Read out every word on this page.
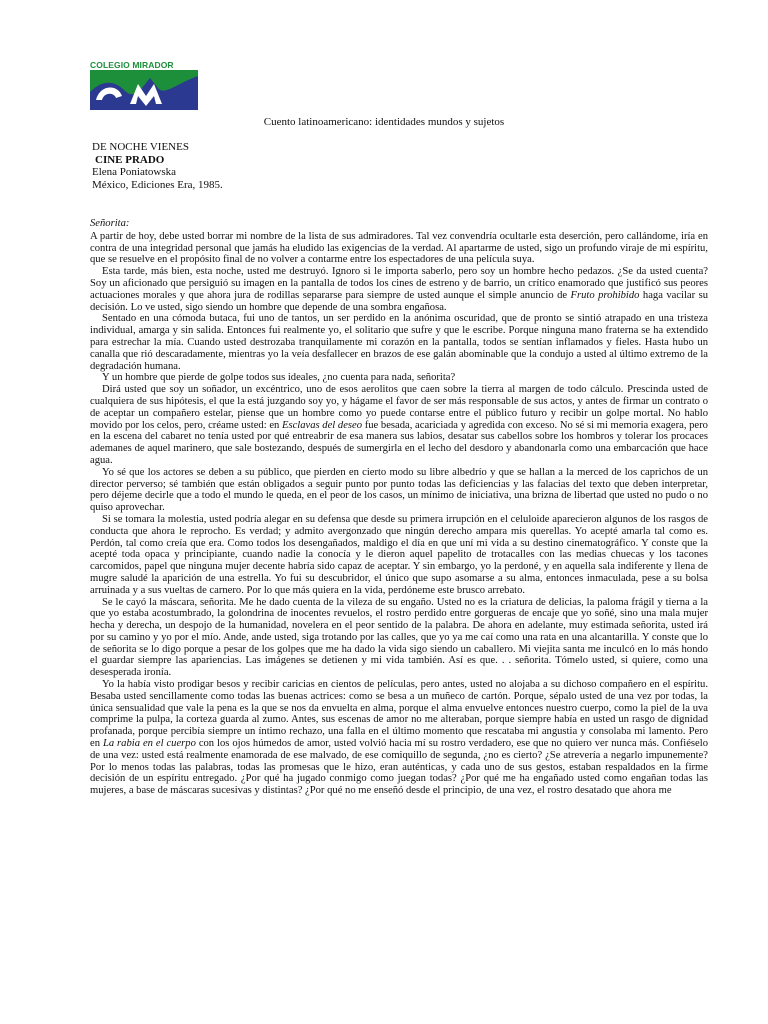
COLEGIO MIRADOR
Cuento latinoamericano: identidades mundos y sujetos
DE NOCHE VIENES
CINE PRADO
Elena Poniatowska
México, Ediciones Era, 1985.

Señorita:

A partir de hoy, debe usted borrar mi nombre de la lista de sus admiradores. Tal vez convendría ocultarle esta deserción, pero callándome, iría en contra de una integridad personal que jamás ha eludido las exigencias de la verdad. Al apartarme de usted, sigo un profundo viraje de mi espíritu, que se resuelve en el propósito final de no volver a contarme entre los espectadores de una película suya.

Esta tarde, más bien, esta noche, usted me destruyó. Ignoro si le importa saberlo, pero soy un hombre hecho pedazos. ¿Se da usted cuenta? Soy un aficionado que persiguió su imagen en la pantalla de todos los cines de estreno y de barrio, un crítico enamorado que justificó sus peores actuaciones morales y que ahora jura de rodillas separarse para siempre de usted aunque el simple anuncio de Fruto prohibido haga vacilar su decisión. Lo ve usted, sigo siendo un hombre que depende de una sombra engañosa.

Sentado en una cómoda butaca, fui uno de tantos, un ser perdido en la anónima oscuridad, que de pronto se sintió atrapado en una tristeza individual, amarga y sin salida. Entonces fui realmente yo, el solitario que sufre y que le escribe. Porque ninguna mano fraterna se ha extendido para estrechar la mía. Cuando usted destrozaba tranquilamente mi corazón en la pantalla, todos se sentían inflamados y fieles. Hasta hubo un canalla que rió descaradamente, mientras yo la veía desfallecer en brazos de ese galán abominable que la condujo a usted al último extremo de la degradación humana.

Y un hombre que pierde de golpe todos sus ideales, ¿no cuenta para nada, señorita?

Dirá usted que soy un soñador, un excéntrico, uno de esos aerolitos que caen sobre la tierra al margen de todo cálculo. Prescinda usted de cualquiera de sus hipótesis, el que la está juzgando soy yo, y hágame el favor de ser más responsable de sus actos, y antes de firmar un contrato o de aceptar un compañero estelar, piense que un hombre como yo puede contarse entre el público futuro y recibir un golpe mortal. No hablo movido por los celos, pero, créame usted: en Esclavas del deseo fue besada, acariciada y agredida con exceso. No sé si mi memoria exagera, pero en la escena del cabaret no tenía usted por qué entreabrir de esa manera sus labios, desatar sus cabellos sobre los hombros y tolerar los procaces ademanes de aquel marinero, que sale bostezando, después de sumergirla en el lecho del desdoro y abandonarla como una embarcación que hace agua.

Yo sé que los actores se deben a su público, que pierden en cierto modo su libre albedrío y que se hallan a la merced de los caprichos de un director perverso; sé también que están obligados a seguir punto por punto todas las deficiencias y las falacias del texto que deben interpretar, pero déjeme decirle que a todo el mundo le queda, en el peor de los casos, un mínimo de iniciativa, una brizna de libertad que usted no pudo o no quiso aprovechar.

Si se tomara la molestia, usted podría alegar en su defensa que desde su primera irrupción en el celuloide aparecieron algunos de los rasgos de conducta que ahora le reprocho. Es verdad; y admito avergonzado que ningún derecho ampara mis querellas. Yo acepté amarla tal como es. Perdón, tal como creía que era. Como todos los desengañados, maldigo el día en que uní mi vida a su destino cinematográfico. Y conste que la acepté toda opaca y principiante, cuando nadie la conocía y le dieron aquel papelito de trotacalles con las medias chuecas y los tacones carcomidos, papel que ninguna mujer decente habría sido capaz de aceptar. Y sin embargo, yo la perdoné, y en aquella sala indiferente y llena de mugre saludé la aparición de una estrella. Yo fui su descubridor, el único que supo asomarse a su alma, entonces inmaculada, pese a su bolsa arruinada y a sus vueltas de carnero. Por lo que más quiera en la vida, perdóneme este brusco arrebato.

Se le cayó la máscara, señorita. Me he dado cuenta de la vileza de su engaño. Usted no es la criatura de delicias, la paloma frágil y tierna a la que yo estaba acostumbrado, la golondrina de inocentes revuelos, el rostro perdido entre gorgueras de encaje que yo soñé, sino una mala mujer hecha y derecha, un despojo de la humanidad, novelera en el peor sentido de la palabra. De ahora en adelante, muy estimada señorita, usted irá por su camino y yo por el mío. Ande, ande usted, siga trotando por las calles, que yo ya me caí como una rata en una alcantarilla. Y conste que lo de señorita se lo digo porque a pesar de los golpes que me ha dado la vida sigo siendo un caballero. Mi viejita santa me inculcó en lo más hondo el guardar siempre las apariencias. Las imágenes se detienen y mi vida también. Así es que. . . señorita. Tómelo usted, si quiere, como una desesperada ironía.

Yo la había visto prodigar besos y recibir caricias en cientos de películas, pero antes, usted no alojaba a su dichoso compañero en el espíritu. Besaba usted sencillamente como todas las buenas actrices: como se besa a un muñeco de cartón. Porque, sépalo usted de una vez por todas, la única sensualidad que vale la pena es la que se nos da envuelta en alma, porque el alma envuelve entonces nuestro cuerpo, como la piel de la uva comprime la pulpa, la corteza guarda al zumo. Antes, sus escenas de amor no me alteraban, porque siempre había en usted un rasgo de dignidad profanada, porque percibía siempre un íntimo rechazo, una falla en el último momento que rescataba mi angustia y consolaba mi lamento. Pero en La rabia en el cuerpo con los ojos húmedos de amor, usted volvió hacia mí su rostro verdadero, ese que no quiero ver nunca más. Confiéselo de una vez: usted está realmente enamorada de ese malvado, de ese comiquillo de segunda, ¿no es cierto? ¿Se atrevería a negarlo impunemente? Por lo menos todas las palabras, todas las promesas que le hizo, eran auténticas, y cada uno de sus gestos, estaban respaldados en la firme decisión de un espíritu entregado. ¿Por qué ha jugado conmigo como juegan todas? ¿Por qué me ha engañado usted como engañan todas las mujeres, a base de máscaras sucesivas y distintas? ¿Por qué no me enseñó desde el principio, de una vez, el rostro desatado que ahora me
